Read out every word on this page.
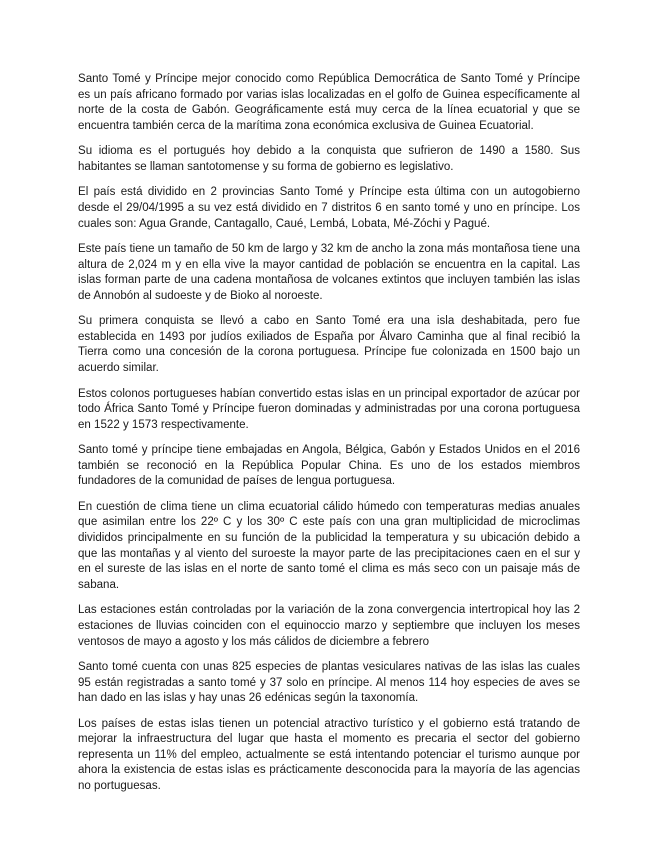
Santo Tomé y Príncipe mejor conocido como República Democrática de Santo Tomé y Príncipe es un país africano formado por varias islas localizadas en el golfo de Guinea específicamente al norte de la costa de Gabón. Geográficamente está muy cerca de la línea ecuatorial y que se encuentra también cerca de la marítima zona económica exclusiva de Guinea Ecuatorial.

Su idioma es el portugués hoy debido a la conquista que sufrieron de 1490 a 1580. Sus habitantes se llaman santotomense y su forma de gobierno es legislativo.

El país está dividido en 2 provincias Santo Tomé y Príncipe esta última con un autogobierno desde el 29/04/1995 a su vez está dividido en 7 distritos 6 en santo tomé y uno en príncipe. Los cuales son: Agua Grande, Cantagallo, Caué, Lembá, Lobata, Mé-Zóchi y Pagué.

Este país tiene un tamaño de 50 km de largo y 32 km de ancho la zona más montañosa tiene una altura de 2,024 m y en ella vive la mayor cantidad de población se encuentra en la capital. Las islas forman parte de una cadena montañosa de volcanes extintos que incluyen también las islas de Annobón al sudoeste y de Bioko al noroeste.

Su primera conquista se llevó a cabo en Santo Tomé era una isla deshabitada, pero fue establecida en 1493 por judíos exiliados de España por Álvaro Caminha que al final recibió la Tierra como una concesión de la corona portuguesa. Príncipe fue colonizada en 1500 bajo un acuerdo similar.

Estos colonos portugueses habían convertido estas islas en un principal exportador de azúcar por todo África Santo Tomé y Príncipe fueron dominadas y administradas por una corona portuguesa en 1522 y 1573 respectivamente.

Santo tomé y príncipe tiene embajadas en Angola, Bélgica, Gabón y Estados Unidos en el 2016 también se reconoció en la República Popular China. Es uno de los estados miembros fundadores de la comunidad de países de lengua portuguesa.

En cuestión de clima tiene un clima ecuatorial cálido húmedo con temperaturas medias anuales que asimilan entre los 22º C y los 30º C este país con una gran multiplicidad de microclimas divididos principalmente en su función de la publicidad la temperatura y su ubicación debido a que las montañas y al viento del suroeste la mayor parte de las precipitaciones caen en el sur y en el sureste de las islas en el norte de santo tomé el clima es más seco con un paisaje más de sabana.

Las estaciones están controladas por la variación de la zona convergencia intertropical hoy las 2 estaciones de lluvias coinciden con el equinoccio marzo y septiembre que incluyen los meses ventosos de mayo a agosto y los más cálidos de diciembre a febrero

Santo tomé cuenta con unas 825 especies de plantas vesiculares nativas de las islas las cuales 95 están registradas a santo tomé y 37 solo en príncipe. Al menos 114 hoy especies de aves se han dado en las islas y hay unas 26 edénicas según la taxonomía.

Los países de estas islas tienen un potencial atractivo turístico y el gobierno está tratando de mejorar la infraestructura del lugar que hasta el momento es precaria el sector del gobierno representa un 11% del empleo, actualmente se está intentando potenciar el turismo aunque por ahora la existencia de estas islas es prácticamente desconocida para la mayoría de las agencias no portuguesas.
